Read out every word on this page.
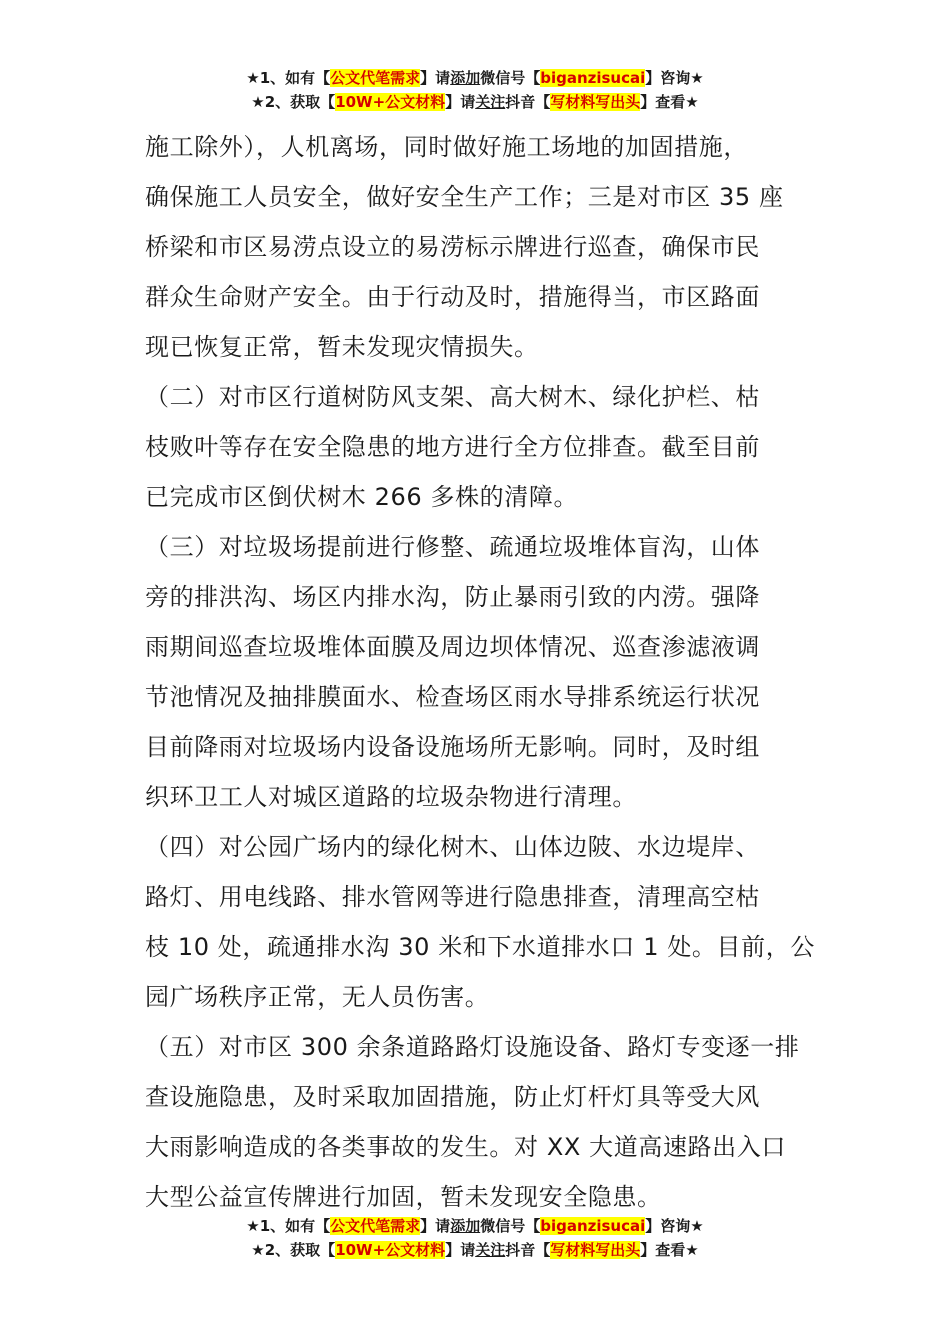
★1、如有【公文代笔需求】请添加微信号【biganzisucai】咨询★
★2、获取【10W+公文材料】请关注抖音【写材料写出头】查看★
施工除外），人机离场，同时做好施工场地的加固措施，
确保施工人员安全，做好安全生产工作；三是对市区 35 座
桥梁和市区易涝点设立的易涝标示牌进行巡查，确保市民
群众生命财产安全。由于行动及时，措施得当，市区路面
现已恢复正常，暂未发现灾情损失。
（二）对市区行道树防风支架、高大树木、绿化护栏、枯
枝败叶等存在安全隐患的地方进行全方位排查。截至目前
已完成市区倒伏树木 266 多株的清障。
（三）对垃圾场提前进行修整、疏通垃圾堆体盲沟，山体
旁的排洪沟、场区内排水沟，防止暴雨引致的内涝。强降
雨期间巡查垃圾堆体面膜及周边坝体情况、巡查渗滤液调
节池情况及抽排膜面水、检查场区雨水导排系统运行状况
目前降雨对垃圾场内设备设施场所无影响。同时，及时组
织环卫工人对城区道路的垃圾杂物进行清理。
（四）对公园广场内的绿化树木、山体边陂、水边堤岸、
路灯、用电线路、排水管网等进行隐患排查，清理高空枯
枝 10 处，疏通排水沟 30 米和下水道排水口 1 处。目前，公
园广场秩序正常，无人员伤害。
（五）对市区 300 余条道路路灯设施设备、路灯专变逐一排
查设施隐患，及时采取加固措施，防止灯杆灯具等受大风
大雨影响造成的各类事故的发生。对 XX 大道高速路出入口
大型公益宣传牌进行加固，暂未发现安全隐患。
★1、如有【公文代笔需求】请添加微信号【biganzisucai】咨询★
★2、获取【10W+公文材料】请关注抖音【写材料写出头】查看★
